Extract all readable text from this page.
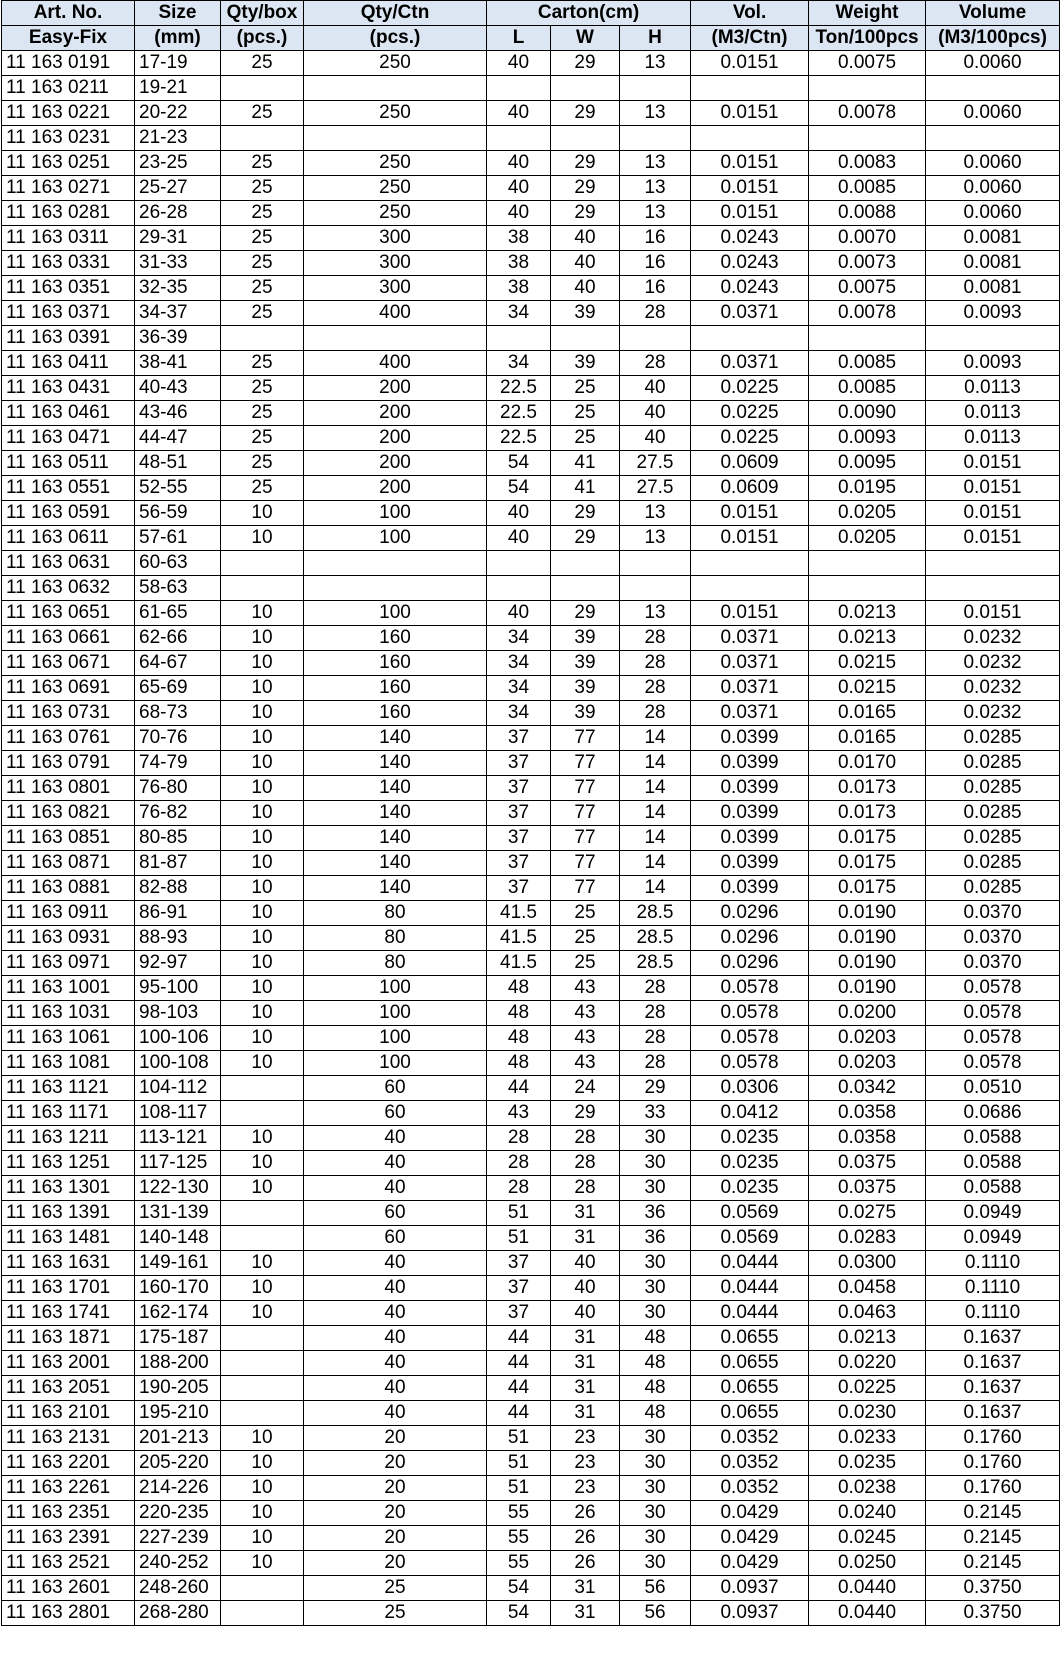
Art. No.	Size	Qty/box	Qty/Ctn	Carton(cm)			Vol.	Weight	Volume
Easy-Fix	(mm)	(pcs.)	(pcs.)	L	W	H	(M3/Ctn)	Ton/100pcs	(M3/100pcs)
11 163 0191	17-19	25	250	40	29	13	0.0151	0.0075	0.0060
11 163 0211	19-21								
11 163 0221	20-22	25	250	40	29	13	0.0151	0.0078	0.0060
11 163 0231	21-23								
11 163 0251	23-25	25	250	40	29	13	0.0151	0.0083	0.0060
11 163 0271	25-27	25	250	40	29	13	0.0151	0.0085	0.0060
11 163 0281	26-28	25	250	40	29	13	0.0151	0.0088	0.0060
11 163 0311	29-31	25	300	38	40	16	0.0243	0.0070	0.0081
11 163 0331	31-33	25	300	38	40	16	0.0243	0.0073	0.0081
11 163 0351	32-35	25	300	38	40	16	0.0243	0.0075	0.0081
11 163 0371	34-37	25	400	34	39	28	0.0371	0.0078	0.0093
11 163 0391	36-39								
11 163 0411	38-41	25	400	34	39	28	0.0371	0.0085	0.0093
11 163 0431	40-43	25	200	22.5	25	40	0.0225	0.0085	0.0113
11 163 0461	43-46	25	200	22.5	25	40	0.0225	0.0090	0.0113
11 163 0471	44-47	25	200	22.5	25	40	0.0225	0.0093	0.0113
11 163 0511	48-51	25	200	54	41	27.5	0.0609	0.0095	0.0151
11 163 0551	52-55	25	200	54	41	27.5	0.0609	0.0195	0.0151
11 163 0591	56-59	10	100	40	29	13	0.0151	0.0205	0.0151
11 163 0611	57-61	10	100	40	29	13	0.0151	0.0205	0.0151
11 163 0631	60-63								
11 163 0632	58-63								
11 163 0651	61-65	10	100	40	29	13	0.0151	0.0213	0.0151
11 163 0661	62-66	10	160	34	39	28	0.0371	0.0213	0.0232
11 163 0671	64-67	10	160	34	39	28	0.0371	0.0215	0.0232
11 163 0691	65-69	10	160	34	39	28	0.0371	0.0215	0.0232
11 163 0731	68-73	10	160	34	39	28	0.0371	0.0165	0.0232
11 163 0761	70-76	10	140	37	77	14	0.0399	0.0165	0.0285
11 163 0791	74-79	10	140	37	77	14	0.0399	0.0170	0.0285
11 163 0801	76-80	10	140	37	77	14	0.0399	0.0173	0.0285
11 163 0821	76-82	10	140	37	77	14	0.0399	0.0173	0.0285
11 163 0851	80-85	10	140	37	77	14	0.0399	0.0175	0.0285
11 163 0871	81-87	10	140	37	77	14	0.0399	0.0175	0.0285
11 163 0881	82-88	10	140	37	77	14	0.0399	0.0175	0.0285
11 163 0911	86-91	10	80	41.5	25	28.5	0.0296	0.0190	0.0370
11 163 0931	88-93	10	80	41.5	25	28.5	0.0296	0.0190	0.0370
11 163 0971	92-97	10	80	41.5	25	28.5	0.0296	0.0190	0.0370
11 163 1001	95-100	10	100	48	43	28	0.0578	0.0190	0.0578
11 163 1031	98-103	10	100	48	43	28	0.0578	0.0200	0.0578
11 163 1061	100-106	10	100	48	43	28	0.0578	0.0203	0.0578
11 163 1081	100-108	10	100	48	43	28	0.0578	0.0203	0.0578
11 163 1121	104-112		60	44	24	29	0.0306	0.0342	0.0510
11 163 1171	108-117		60	43	29	33	0.0412	0.0358	0.0686
11 163 1211	113-121	10	40	28	28	30	0.0235	0.0358	0.0588
11 163 1251	117-125	10	40	28	28	30	0.0235	0.0375	0.0588
11 163 1301	122-130	10	40	28	28	30	0.0235	0.0375	0.0588
11 163 1391	131-139		60	51	31	36	0.0569	0.0275	0.0949
11 163 1481	140-148		60	51	31	36	0.0569	0.0283	0.0949
11 163 1631	149-161	10	40	37	40	30	0.0444	0.0300	0.1110
11 163 1701	160-170	10	40	37	40	30	0.0444	0.0458	0.1110
11 163 1741	162-174	10	40	37	40	30	0.0444	0.0463	0.1110
11 163 1871	175-187		40	44	31	48	0.0655	0.0213	0.1637
11 163 2001	188-200		40	44	31	48	0.0655	0.0220	0.1637
11 163 2051	190-205		40	44	31	48	0.0655	0.0225	0.1637
11 163 2101	195-210		40	44	31	48	0.0655	0.0230	0.1637
11 163 2131	201-213	10	20	51	23	30	0.0352	0.0233	0.1760
11 163 2201	205-220	10	20	51	23	30	0.0352	0.0235	0.1760
11 163 2261	214-226	10	20	51	23	30	0.0352	0.0238	0.1760
11 163 2351	220-235	10	20	55	26	30	0.0429	0.0240	0.2145
11 163 2391	227-239	10	20	55	26	30	0.0429	0.0245	0.2145
11 163 2521	240-252	10	20	55	26	30	0.0429	0.0250	0.2145
11 163 2601	248-260		25	54	31	56	0.0937	0.0440	0.3750
11 163 2801	268-280		25	54	31	56	0.0937	0.0440	0.3750
